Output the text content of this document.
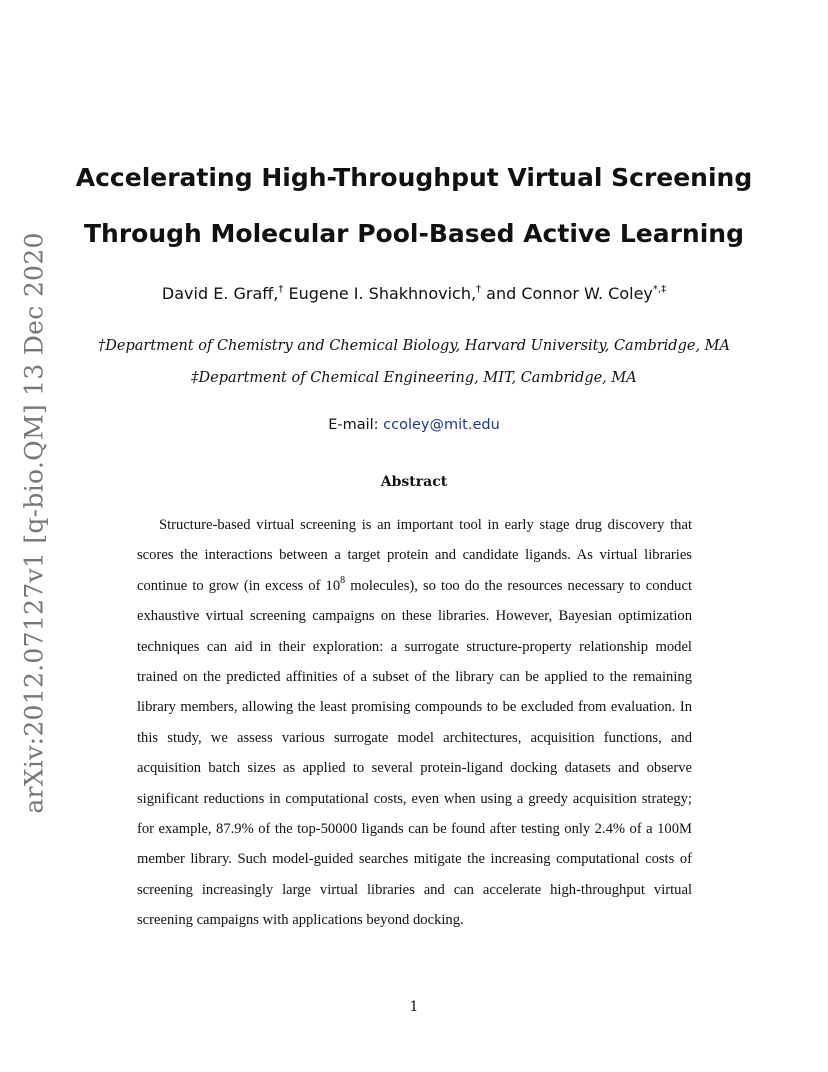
arXiv:2012.07127v1 [q-bio.QM] 13 Dec 2020
Accelerating High-Throughput Virtual Screening
Through Molecular Pool-Based Active Learning
David E. Graff,† Eugene I. Shakhnovich,† and Connor W. Coley*,‡
†Department of Chemistry and Chemical Biology, Harvard University, Cambridge, MA
‡Department of Chemical Engineering, MIT, Cambridge, MA
E-mail: ccoley@mit.edu
Abstract
Structure-based virtual screening is an important tool in early stage drug discovery that scores the interactions between a target protein and candidate ligands. As virtual libraries continue to grow (in excess of $10^8$ molecules), so too do the resources necessary to conduct exhaustive virtual screening campaigns on these libraries. However, Bayesian optimization techniques can aid in their exploration: a surrogate structure-property relationship model trained on the predicted affinities of a subset of the library can be applied to the remaining library members, allowing the least promising compounds to be excluded from evaluation. In this study, we assess various surrogate model architectures, acquisition functions, and acquisition batch sizes as applied to several protein-ligand docking datasets and observe significant reductions in computational costs, even when using a greedy acquisition strategy; for example, 87.9% of the top-50000 ligands can be found after testing only 2.4% of a 100M member library. Such model-guided searches mitigate the increasing computational costs of screening increasingly large virtual libraries and can accelerate high-throughput virtual screening campaigns with applications beyond docking.
1
